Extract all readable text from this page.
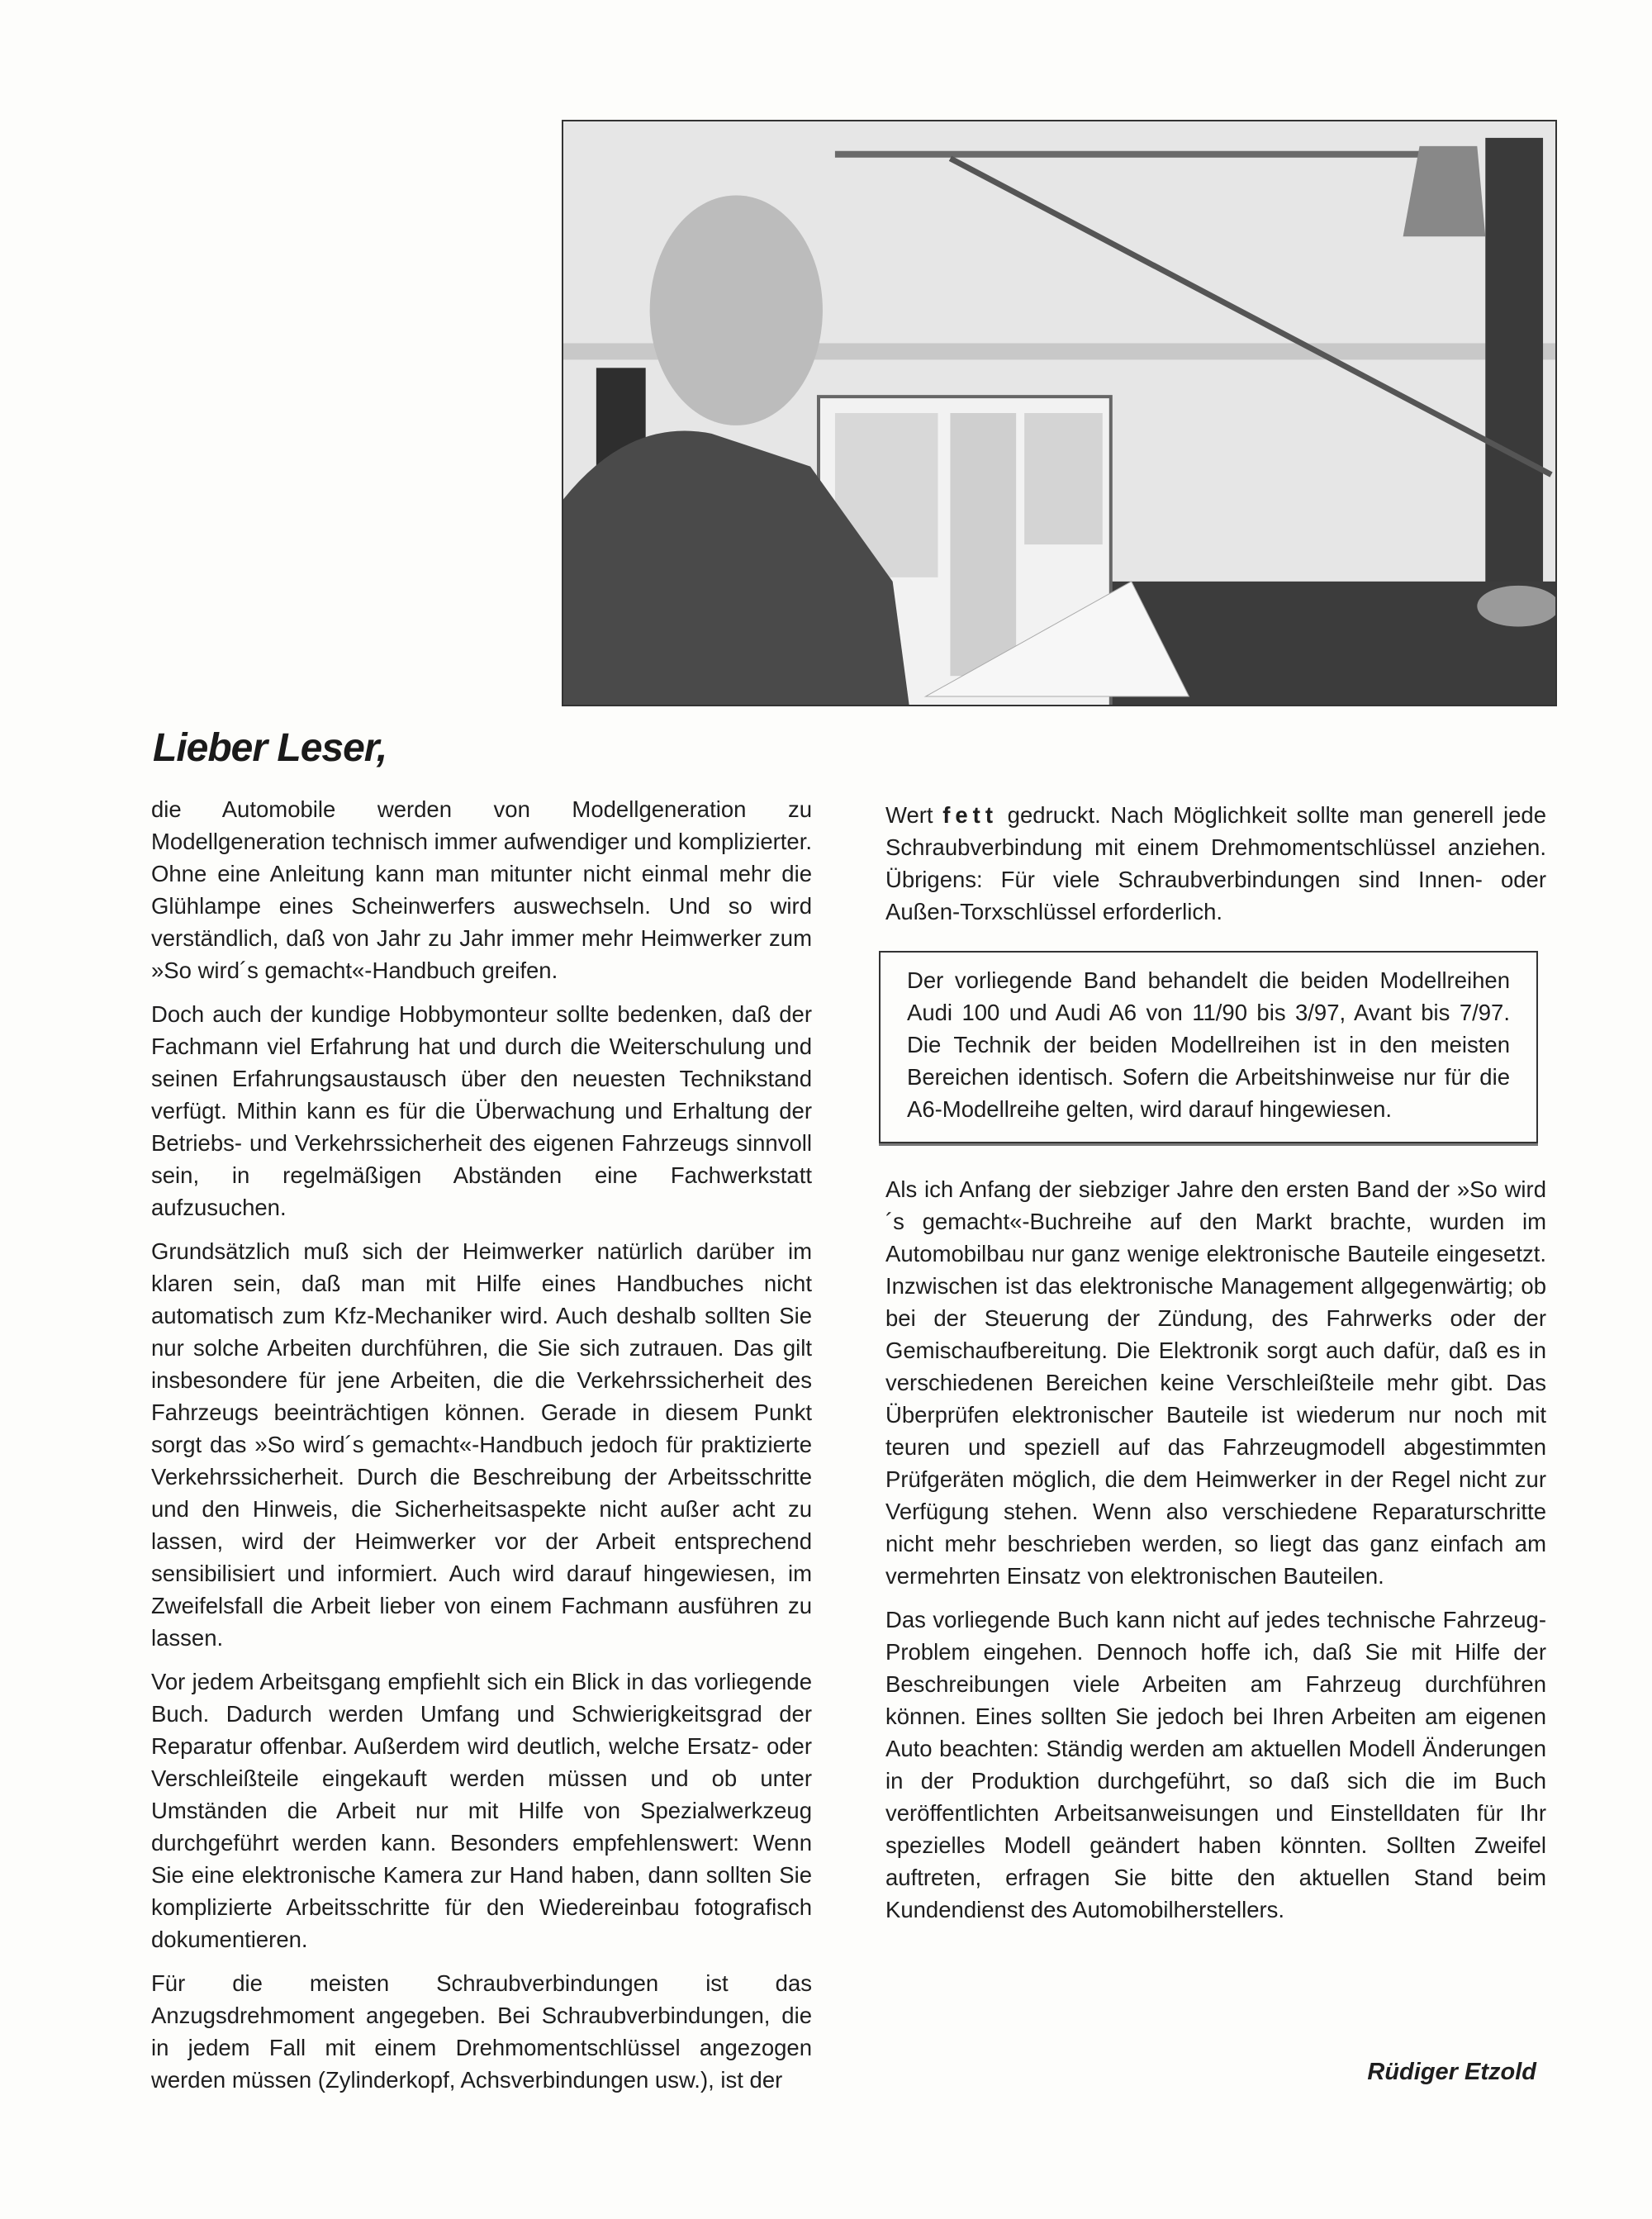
Lieber Leser,

die Automobile werden von Modellgeneration zu Modellgeneration technisch immer aufwendiger und komplizierter. Ohne eine Anleitung kann man mitunter nicht einmal mehr die Glühlampe eines Scheinwerfers auswechseln. Und so wird verständlich, daß von Jahr zu Jahr immer mehr Heimwerker zum »So wird´s gemacht«-Handbuch greifen.

Doch auch der kundige Hobbymonteur sollte bedenken, daß der Fachmann viel Erfahrung hat und durch die Weiterschulung und seinen Erfahrungsaustausch über den neuesten Technikstand verfügt. Mithin kann es für die Überwachung und Erhaltung der Betriebs- und Verkehrssicherheit des eigenen Fahrzeugs sinnvoll sein, in regelmäßigen Abständen eine Fachwerkstatt aufzusuchen.

Grundsätzlich muß sich der Heimwerker natürlich darüber im klaren sein, daß man mit Hilfe eines Handbuches nicht automatisch zum Kfz-Mechaniker wird. Auch deshalb sollten Sie nur solche Arbeiten durchführen, die Sie sich zutrauen. Das gilt insbesondere für jene Arbeiten, die die Verkehrssicherheit des Fahrzeugs beeinträchtigen können. Gerade in diesem Punkt sorgt das »So wird´s gemacht«-Handbuch jedoch für praktizierte Verkehrssicherheit. Durch die Beschreibung der Arbeitsschritte und den Hinweis, die Sicherheitsaspekte nicht außer acht zu lassen, wird der Heimwerker vor der Arbeit entsprechend sensibilisiert und informiert. Auch wird darauf hingewiesen, im Zweifelsfall die Arbeit lieber von einem Fachmann ausführen zu lassen.

Vor jedem Arbeitsgang empfiehlt sich ein Blick in das vorliegende Buch. Dadurch werden Umfang und Schwierigkeitsgrad der Reparatur offenbar. Außerdem wird deutlich, welche Ersatz- oder Verschleißteile eingekauft werden müssen und ob unter Umständen die Arbeit nur mit Hilfe von Spezialwerkzeug durchgeführt werden kann. Besonders empfehlenswert: Wenn Sie eine elektronische Kamera zur Hand haben, dann sollten Sie komplizierte Arbeitsschritte für den Wiedereinbau fotografisch dokumentieren.

Für die meisten Schraubverbindungen ist das Anzugsdrehmoment angegeben. Bei Schraubverbindungen, die in jedem Fall mit einem Drehmomentschlüssel angezogen werden müssen (Zylinderkopf, Achsverbindungen usw.), ist der

Wert fett gedruckt. Nach Möglichkeit sollte man generell jede Schraubverbindung mit einem Drehmomentschlüssel anziehen. Übrigens: Für viele Schraubverbindungen sind Innen- oder Außen-Torxschlüssel erforderlich.

Der vorliegende Band behandelt die beiden Modellreihen Audi 100 und Audi A6 von 11/90 bis 3/97, Avant bis 7/97. Die Technik der beiden Modellreihen ist in den meisten Bereichen identisch. Sofern die Arbeitshinweise nur für die A6-Modellreihe gelten, wird darauf hingewiesen.

Als ich Anfang der siebziger Jahre den ersten Band der »So wird´s gemacht«-Buchreihe auf den Markt brachte, wurden im Automobilbau nur ganz wenige elektronische Bauteile eingesetzt. Inzwischen ist das elektronische Management allgegenwärtig; ob bei der Steuerung der Zündung, des Fahrwerks oder der Gemischaufbereitung. Die Elektronik sorgt auch dafür, daß es in verschiedenen Bereichen keine Verschleißteile mehr gibt. Das Überprüfen elektronischer Bauteile ist wiederum nur noch mit teuren und speziell auf das Fahrzeugmodell abgestimmten Prüfgeräten möglich, die dem Heimwerker in der Regel nicht zur Verfügung stehen. Wenn also verschiedene Reparaturschritte nicht mehr beschrieben werden, so liegt das ganz einfach am vermehrten Einsatz von elektronischen Bauteilen.

Das vorliegende Buch kann nicht auf jedes technische Fahrzeug-Problem eingehen. Dennoch hoffe ich, daß Sie mit Hilfe der Beschreibungen viele Arbeiten am Fahrzeug durchführen können. Eines sollten Sie jedoch bei Ihren Arbeiten am eigenen Auto beachten: Ständig werden am aktuellen Modell Änderungen in der Produktion durchgeführt, so daß sich die im Buch veröffentlichten Arbeitsanweisungen und Einstelldaten für Ihr spezielles Modell geändert haben könnten. Sollten Zweifel auftreten, erfragen Sie bitte den aktuellen Stand beim Kundendienst des Automobilherstellers.

Rüdiger Etzold
